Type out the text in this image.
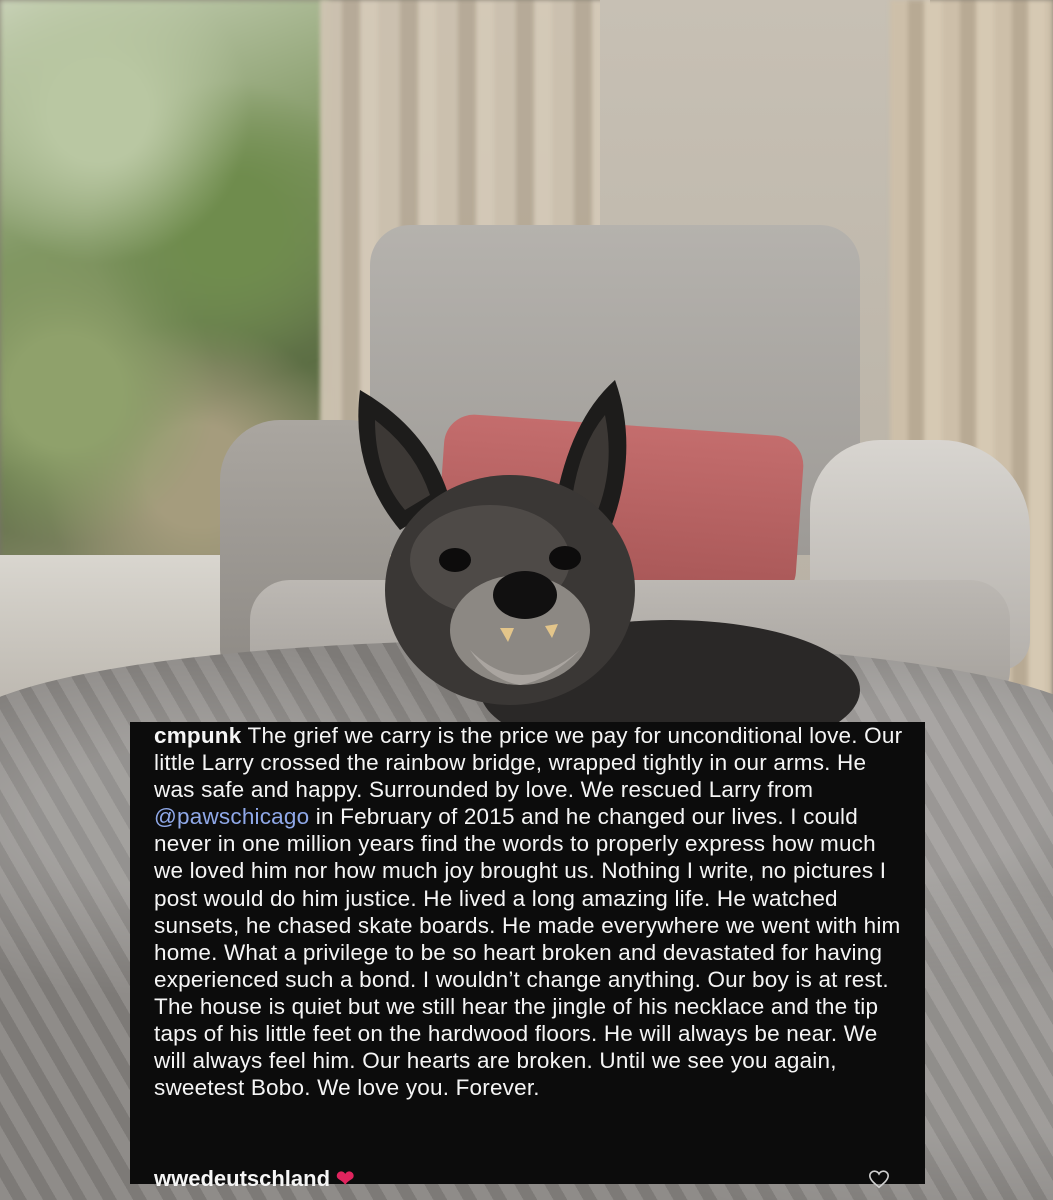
cmpunk The grief we carry is the price we pay for unconditional love. Our little Larry crossed the rainbow bridge, wrapped tightly in our arms. He was safe and happy. Surrounded by love. We rescued Larry from @pawschicago in February of 2015 and he changed our lives. I could never in one million years find the words to properly express how much we loved him nor how much joy brought us. Nothing I write, no pictures I post would do him justice. He lived a long amazing life. He watched sunsets, he chased skate boards. He made everywhere we went with him home. What a privilege to be so heart broken and devastated for having experienced such a bond. I wouldn’t change anything. Our boy is at rest. The house is quiet but we still hear the jingle of his necklace and the tip taps of his little feet on the hardwood floors. He will always be near. We will always feel him. Our hearts are broken. Until we see you again, sweetest Bobo. We love you. Forever.

wwedeutschland ❤
